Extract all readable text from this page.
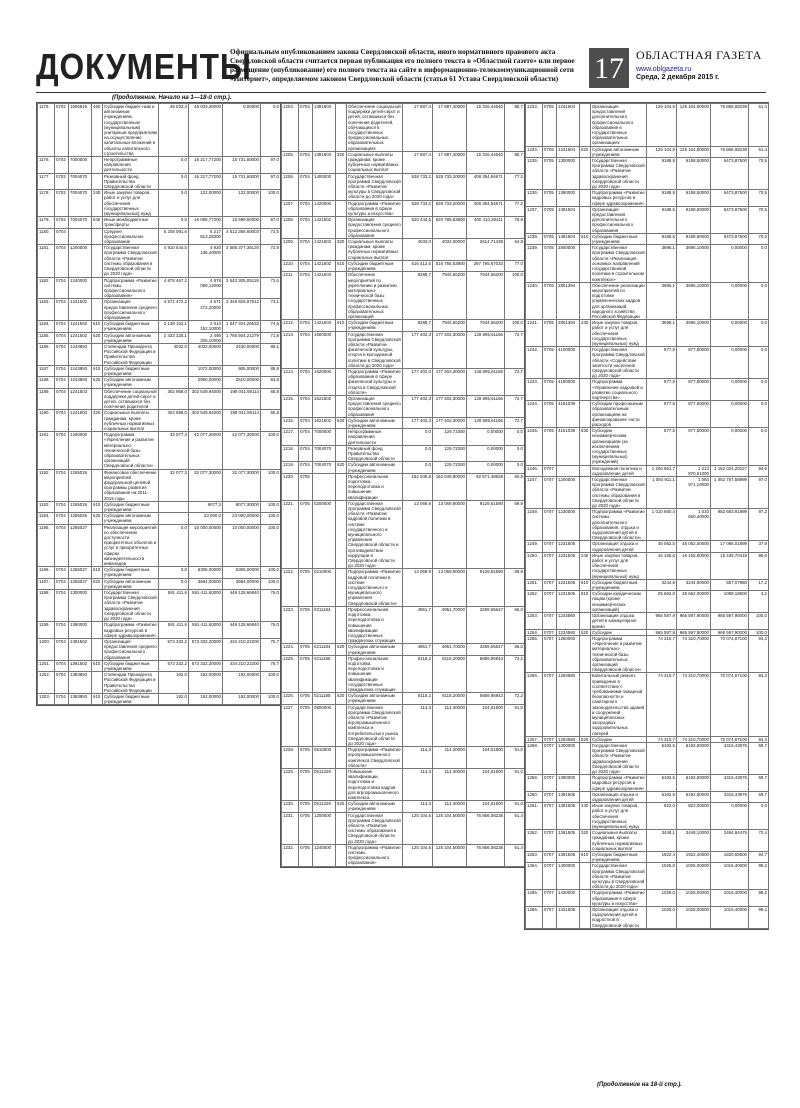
ДОКУМЕНТЫ
Официальным опубликованием закона Свердловской области, иного нормативного правового акта Свердловской области считается первая публикация его полного текста в «Областной газете» или первое размещение (опубликование) его полного текста на сайте в информационно-телекоммуникационной сети «Интернет», определяемом законом Свердловской области (статья 61 Устава Свердловской области)	17	ОБЛАСТНАЯ ГАЗЕТА
www.oblgazeta.ru
Среда, 2 декабря 2015 г.
(Продолжение. Начало на 1—18-й стр.).
1175.	0702	1606816	460	Субсидии бюджет-ным и автономным учреждениям, государственным (муниципальным) унитарным предприятиям на осуществление капитальных вложений в объекты капитального строительства	45 033,3	45 033,30000	0,00000	0,0
1176.	0702	7000000		Непрограммные направления деятельности	0,0	16 217,77200	15 731,60000	97,0
1177.	0702	7004070		Резервный фонд Правительства Свердловской области	0,0	16 217,77200	15 731,60000	97,0
1178.	0702	7004070	240	Иные закупки товаров, работ и услуг для обеспечения государственных (муниципальных) нужд	0,0	132,00000	132,00000	100,0
1179.	0702	7004070	540	Иные межбюджетные трансферты	0,0	16 085,77200	15 599,60000	97,0
1180.	0704			Среднее профессиональное образование	5 208 091,6	6 217 813,28300	4 512 356,60003	72,5
1181.	0704	1200000		Государственная программа Свердловской области «Развитие системы образования в Свердловской области до 2020 года»	4 910 544,5	4 920 136,40000	3 585 377,36126	72,9
1182.	0704	1240000		Подпрограмма «Развитие системы профессионального образования»	4 878 467,2	4 878 059,14000	3 543 305,05126	72,6
1183.	0704	1241502		Организация предоставления среднего профессионального образования	4 571 472,2	4 571 472,20000	3 348 829,67612	73,1
1184.	0704	1241502	610	Субсидии бюджетным учреждениям	2 138 152,1	2 013 152,10000	1 547 324,26533	74,6
1185.	0704	1241502	620	Субсидии автономным учреждениям	2 433 325,1	2 498 325,10000	1 765 504,21279	71,8
1186.	0704	1243893		Стипендии Президента Российской Федерации и Правительства Российской Федерации	4032,0	4032,00000	3430,00000	85,1
1187.	0704	1243893	610	Субсидии бюджетным учреждениям		1072,00000	905,00000	85,8
1188.	0704	1243893	620	Субсидии автономным учреждениям		2960,00000	2510,00000	84,8
1189.	0704	1241503		Обеспечение социальной поддержки детей-сирот и детей, оставшихся без попечения родителей	302 958,0	302 549,94000	199 041,59114	65,8
1190.	0704	1241503	320	Социальные выплаты гражданам, кроме публичных нормативных социальных выплат	302 958,0	302 549,94000	199 041,59114	65,8
1191.	0704	1260000		Подпрограмма «Укрепление и развитие материально-технической базы образовательных организаций Свердловской области»	32 077,3	42 077,30000	42 077,30000	100,0
1192.	0704	1265026		Финансовое обеспечение мероприятий федеральной целевой программы развития образования на 2011-2015 годы	32 077,3	32 077,30000	32 077,30000	100,0
1193.	0704	1265026	610	Субсидии бюджетным учреждениям		9077,3	9077,30000	100,0
1194.	0704	1265026	620	Субсидии автономным учреждениям		23 000,0	23 000,00000	100,0
1195.	0704	1265027		Реализация мероприятий по обеспечению доступности приоритетных объектов и услуг в приоритетных сферах жизнедеятельности инвалидов	0,0	10 000,00000	10 000,00000	100,0
1196.	0704	1265027	610	Субсидии бюджетным учреждениям	0,0	6306,00000	6306,00000	100,0
1197.	0704	1265027	620	Субсидии автономным учреждениям	0,0	3694,00000	3694,00000	100,0
1198.	0704	1300000		Государственная программа Свердловской области «Развитие здравоохранения Свердловской области до 2020 года»	591 411,6	591 411,60000	449 128,66840	76,0
1199.	0704	1390000		Подпрограмма «Развитие кадровых ресурсов в сфере здравоохранения»	591 411,6	591 411,60000	449 128,66840	76,0
1200.	0704	1391502		Организация предоставления среднего профессионального образования	573 332,2	573 332,20000	434 210,22200	75,7
1201.	0704	1391502	610	Субсидии бюджетным учреждениям	573 332,2	573 332,20000	434 210,22200	75,7
1202.	0704	1393893		Стипендии Президента Российской Федерации и Правительства Российской Федерации	192,0	192,00000	192,00000	100,0
1203.	0704	1393893	610	Субсидии бюджетным учреждениям	192,0	192,00000	192,00000	100,0
1204.	0704	1391503		Обеспечение социальной поддержки детей-сирот и детей, оставшихся без попечения родителей, обучающихся в государственных профессиональных образовательных организациях	17 887,4	17 887,40000	15 326,44640	85,7
1205.	0704	1391503	320	Социальные выплаты гражданам, кроме публичных нормативных социальных выплат	17 887,4	17 887,40000	15 326,44640	85,7
1206.	0704	1400000		Государственная программа Свердловской области «Развитие культуры в Свердловской области до 2020 года»	528 733,2	528 733,20000	408 354,94671	77,2
1207.	0704	1420000		Подпрограмма «Развитие образования в сфере культуры и искусства»	528 733,2	528 733,20000	408 354,94671	77,2
1208.	0704	1421502		Организация предоставления среднего профессионального образования	520 444,5	520 788,53800	400 410,28411	76,9
1209.	0704	1421502	320	Социальные выплаты гражданам, кроме публичных нормативных социальных выплат	4032,0	4032,00000	2614,71438	64,8
1210.	0704	1421502	610	Субсидии бюджетным учреждениям	516 412,5	516 756,53800	397 795,57033	77,0
1211.	0704	1421503		Обеспечение мероприятий по укреплению и развитию материально-технической базы государственных профессиональных образовательных организаций	8288,7	7944,66200	7944,66200	100,0
1212.	0704	1421503	610	Субсидии бюджетным учреждениям	8288,7	7944,66200	7944,66200	100,0
1213.	0704	1600000		Государственная программа Свердловской области «Развитие физической культуры, спорта и молодежной политики в Свердловской области до 2020 года»	177 402,3	177 402,30000	128 895,61166	72,7
1214.	0704	1620000		Подпрограмма «Развитие образования в сфере физической культуры и спорта в Свердловской области»	177 402,3	177 402,30000	128 895,61166	72,7
1215.	0704	1621502		Организация предоставления среднего профессионального образования	177 402,3	177 402,30000	128 895,61166	72,7
1216.	0704	1621502	620	Субсидии автономным учреждениям	177 402,3	177 402,30000	128 895,61166	72,7
1217.	0704	7000000		Непрограммные направления деятельности	0,0	129,72300	0,00000	0,0
1218.	0704	7004070		Резервный фонд Правительства Свердловской области	0,0	129,72300	0,00000	0,0
1219.	0704	7004070	620	Субсидии автономным учреждениям	0,0	129,72300	0,00000	0,0
1220.	0705			Профессиональная подготовка, переподготовка и повышение квалификации	152 049,8	152 049,80000	92 571,48828	60,9
1221.	0705	0200000		Государственная программа Свердловской области «Развитие кадровой политики в системе государственного и муниципального управления Свердловской области и противодействие коррупции в Свердловской области до 2020 года»	13 069,9	13 069,90000	9129,51590	69,9
1222.	0705	0210000		Подпрограмма «Развитие кадровой политики в системе государственного и муниципального управления Свердловской области»	13 069,9	13 069,90000	9129,51590	69,9
1223.	0705	0211184		Профессиональная подготовка, переподготовка и повышение квалификации государственных гражданских служащих	4951,7	4951,70000	3269,55647	66,0
1224.	0705	0211184	620	Субсидии автономным учреждениям	4951,7	4951,70000	3269,55647	66,0
1225.	0705	0211185		Профессиональная подготовка, переподготовка и повышение квалификации государственных гражданских служащих	8118,2	8118,20000	5859,95943	72,2
1226.	0705	0211185	620	Субсидии автономным учреждениям	8118,2	8118,20000	5859,95943	72,2
1227.	0705	0500000		Государственная программа Свердловской области «Развитие агропромышленного комплекса и потребительского рынка Свердловской области до 2020 года»	114,3	114,30000	104,01500	91,0
1228.	0705	0510000		Подпрограмма «Развитие агропромышленного комплекса Свердловской области»	114,3	114,30000	104,01500	91,0
1229.	0705	0511328		Повышение квалификации, подготовка и переподготовка кадров для агропромышленного комплекса	114,3	114,30000	104,01500	91,0
1230.	0705	0511328	620	Субсидии автономным учреждениям	114,3	114,30000	104,01500	91,0
1231.	0705	1200000		Государственная программа Свердловской области «Развитие системы образования в Свердловской области до 2020 года»	125 104,5	125 104,50000	76 866,08238	61,4
1232.	0705	1240000		Подпрограмма «Развитие системы профессионального образования»	125 104,5	125 104,50000	76 866,08238	61,4
1233.	0705	1241504		Организация предоставления дополнительного профессионального образования в государственных образовательных организациях	125 104,5	125 104,50000	76 866,08238	61,4
1234.	0705	1241504	620	Субсидии автономным учреждениям	125 104,5	125 104,50000	76 866,08238	61,4
1235.	0705	1300000		Государственная программа Свердловской области «Развитие здравоохранения Свердловской области до 2020 года»	9188,5	9188,50000	6473,87500	70,5
1236.	0705	1390000		Подпрограмма «Развитие кадровых ресурсов в сфере здравоохранения»	9188,5	9188,50000	6473,87500	70,5
1237.	0705	1391504		Организация предоставления дополнительного профессионального образования	9188,5	9188,50000	6473,87500	70,5
1238.	0705	1391504	610	Субсидии бюджетным учреждениям	9188,5	9188,50000	6473,87500	70,5
1239.	0705	2800000		Государственная программа Свердловской области «Реализация основных направлений государственной политики в строительном комплексе»	3695,1	3695,10000	0,00000	0,0
1240.	0705	2801394		Обеспечение реализации мероприятий по подготовке управленческих кадров для организаций народного хозяйства Российской Федерации	3695,1	3695,10000	0,00000	0,0
1241.	0705	2801394	240	Иные закупки товаров, работ и услуг для обеспечения государственных (муниципальных) нужд	3695,1	3695,10000	0,00000	0,0
1242.	0705	4100000		Государственная программа Свердловской области «Содействие занятости населения Свердловской области до 2020 года»	877,5	877,50000	0,00000	0,0
1243.	0705	4160000		Подпрограмма «Управление кадровой и развитие социального партнерства»	877,5	877,50000	0,00000	0,0
1244.	0705	4161039		Субсидии профсоюзным образовательным организациям на финансирование части расходов	877,5	877,50000	0,00000	0,0
1245.	0705	4161039	630	Субсидии некоммерческим организациям (за исключением государственных (муниципальных) учреждений)	877,5	877,50000	0,00000	0,0
1246.	0707			Молодежная политика и оздоровление детей	1 206 951,7	1 213 870,51000	1 152 024,20227	94,9
1247.	0707	1200000		Государственная программа Свердловской области «Развитие системы образования в Свердловской области до 2020 года»	1 084 911,1	1 084 971,10000	1 052 757,58999	97,0
1248.	0707	1230000		Подпрограмма «Развитие системы дополнительного образования, отдыха и оздоровления детей в Свердловской области»	1 010 660,4	1 010 660,40000	982 683,91899	97,2
1249.	0707	1231505		Организация отдыха и оздоровления детей	45 062,5	45 062,50000	17 086,01899	37,9
1250.	0707	1231505	240	Иные закупки товаров, работ и услуг для обеспечения государственных (муниципальных) нужд	16 155,6	16 155,60000	15 439,70419	95,6
1251.	0707	1231505	610	Субсидии бюджетным учреждениям	3244,9	3244,90000	557,07980	17,2
1252.	0707	1231505	810	Субсидии юридическим лицам (кроме некоммерческих организаций)	25 662,0	25 662,00000	1089,18500	4,2
1253.	0707	1234560		Организация отдыха детей в каникулярное время	965 597,9	965 597,90000	965 597,90000	100,0
1254.	0707	1234560	520	Субсидии	965 597,9	965 597,90000	965 597,90000	100,0
1255.	0707	1260000		Подпрограмма «Укрепление и развитие материально-технической базы образовательных организаций Свердловской области»	74 310,7	74 310,70000	70 074,67100	94,3
1256.	0707	1264580		Капитальный ремонт, приведение в соответствие с требованиями пожарной безопасности и санитарного законодательства зданий и сооружений муниципальных загородных оздоровительных лагерей	74 310,7	74 310,70000	70 074,67100	94,3
1257.	0707	1264580	520	Субсидии	74 310,7	74 310,70000	70 074,67100	94,3
1258.	0707	1300000		Государственная программа Свердловской области «Развитие здравоохранения Свердловской области до 2020 года»	6192,5	6192,50000	4315,43975	69,7
1259.	0707	1390000		Подпрограмма «Развитие кадровых ресурсов в сфере здравоохранения»	6192,5	6192,50000	4315,43975	69,7
1260.	0707	1391505		Организация отдыха и оздоровления детей	6192,5	6192,50000	4315,43975	69,7
1261.	0707	1391505	240	Иные закупки товаров, работ и услуг для обеспечения государственных (муниципальных) нужд	822,0	822,00000	0,00000	0,0
1262.	0707	1391505	320	Социальные выплаты гражданам, кроме публичных нормативных социальных выплат	3448,1	3448,10000	2494,84475	72,4
1263.	0707	1391505	610	Субсидии бюджетным учреждениям	1922,4	1922,40000	1820,59500	94,7
1264.	0707	1400000		Государственная программа Свердловской области «Развитие культуры в Свердловской области до 2020 года»	1025,0	1025,00000	1016,40000	99,2
1265.	0707	1420000		Подпрограмма «Развитие образования в сфере культуры и искусства»	1025,0	1025,00000	1016,40000	99,2
1266.	0707	1421505		Организация отдыха и оздоровления детей и подростков в Свердловской области	1025,0	1025,00000	1016,40000	99,2
(Продолжение на 18-й стр.).
